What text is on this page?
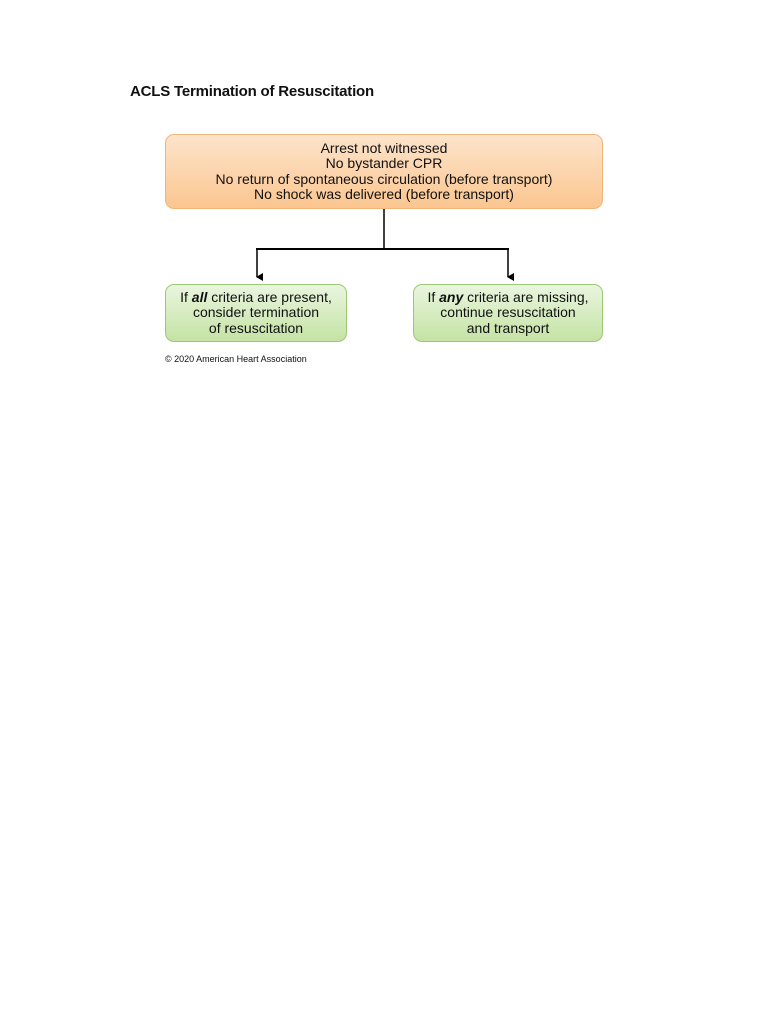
ACLS Termination of Resuscitation
Arrest not witnessed
No bystander CPR
No return of spontaneous circulation (before transport)
No shock was delivered (before transport)
If all criteria are present,
consider termination
of resuscitation
If any criteria are missing,
continue resuscitation
and transport

© 2020 American Heart Association
